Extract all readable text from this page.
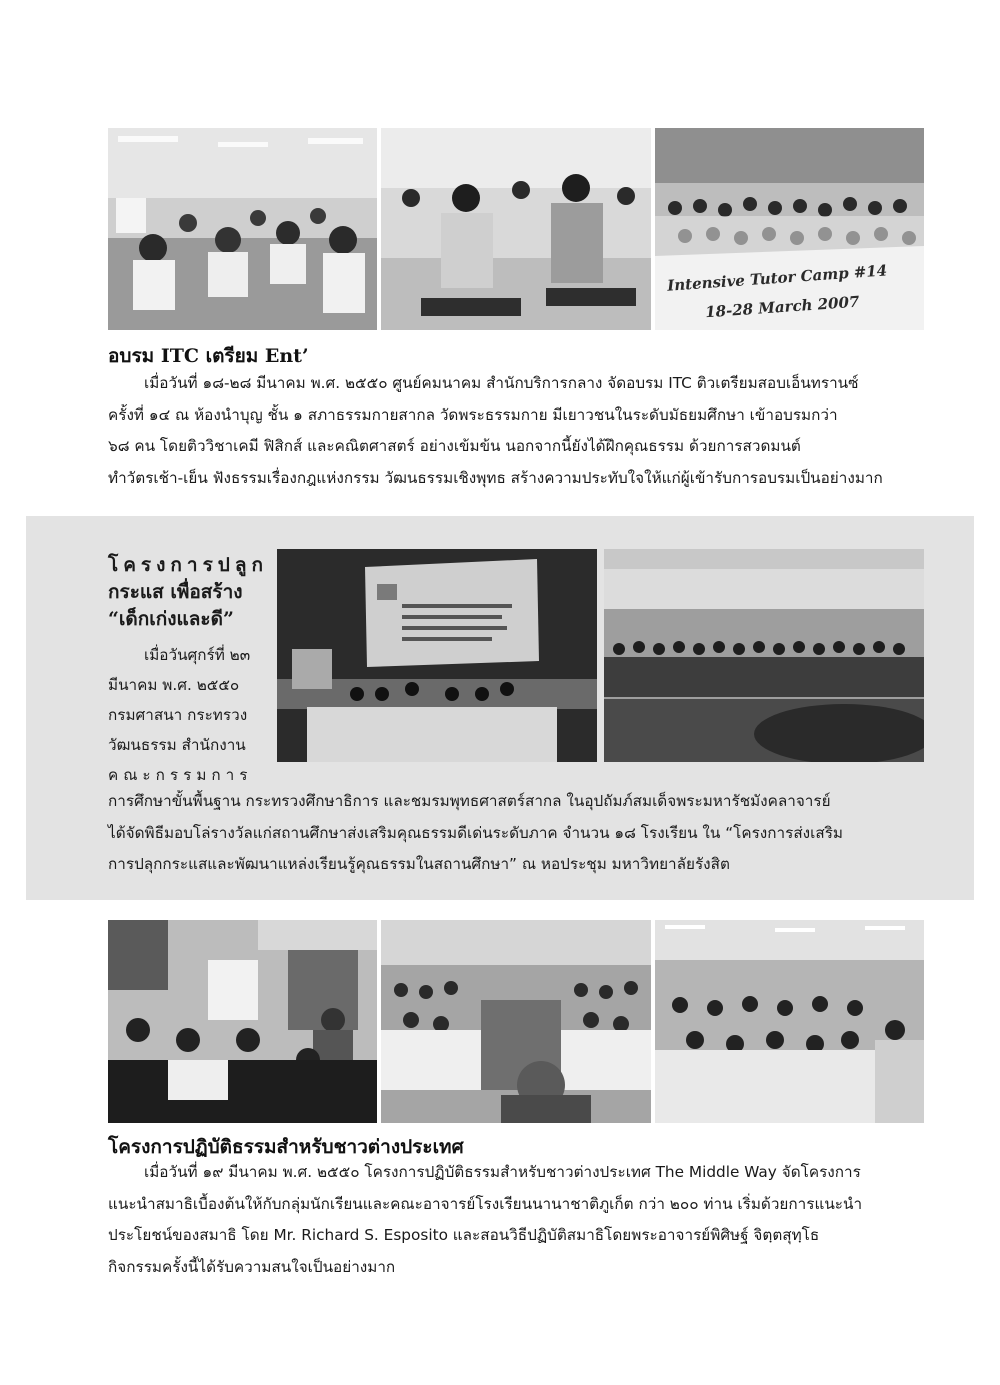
Intensive Tutor Camp #14
18-28 March 2007
อบรม ITC เตรียม Ent’
เมื่อวันที่ ๑๘-๒๘ มีนาคม พ.ศ. ๒๕๕๐ ศูนย์คมนาคม สำนักบริการกลาง จัดอบรม ITC ติวเตรียมสอบเอ็นทรานซ์
ครั้งที่ ๑๔ ณ ห้องนำบุญ ชั้น ๑ สภาธรรมกายสากล วัดพระธรรมกาย มีเยาวชนในระดับมัธยมศึกษา เข้าอบรมกว่า
๖๘ คน โดยติววิชาเคมี ฟิสิกส์ และคณิตศาสตร์ อย่างเข้มข้น นอกจากนี้ยังได้ฝึกคุณธรรม ด้วยการสวดมนต์
ทำวัตรเช้า-เย็น ฟังธรรมเรื่องกฎแห่งกรรม วัฒนธรรมเชิงพุทธ สร้างความประทับใจให้แก่ผู้เข้ารับการอบรมเป็นอย่างมาก
โครงการปลูก
กระแส เพื่อสร้าง
“เด็กเก่งและดี”
เมื่อวันศุกร์ที่ ๒๓
มีนาคม พ.ศ. ๒๕๕๐
กรมศาสนา กระทรวง
วัฒนธรรม สำนักงาน
คณะกรรมการ
การศึกษาขั้นพื้นฐาน กระทรวงศึกษาธิการ และชมรมพุทธศาสตร์สากล ในอุปถัมภ์สมเด็จพระมหารัชมังคลาจารย์
ได้จัดพิธีมอบโล่รางวัลแก่สถานศึกษาส่งเสริมคุณธรรมดีเด่นระดับภาค จำนวน ๑๘ โรงเรียน ใน “โครงการส่งเสริม
การปลุกกระแสและพัฒนาแหล่งเรียนรู้คุณธรรมในสถานศึกษา” ณ หอประชุม มหาวิทยาลัยรังสิต
โครงการปฏิบัติธรรมสำหรับชาวต่างประเทศ
เมื่อวันที่ ๑๙ มีนาคม พ.ศ. ๒๕๕๐ โครงการปฏิบัติธรรมสำหรับชาวต่างประเทศ The Middle Way จัดโครงการ
แนะนำสมาธิเบื้องต้นให้กับกลุ่มนักเรียนและคณะอาจารย์โรงเรียนนานาชาติภูเก็ต กว่า ๒๐๐ ท่าน เริ่มด้วยการแนะนำ
ประโยชน์ของสมาธิ โดย Mr. Richard S. Esposito และสอนวิธีปฏิบัติสมาธิโดยพระอาจารย์พิศิษฐ์ จิตฺตสุทฺโธ
กิจกรรมครั้งนี้ได้รับความสนใจเป็นอย่างมาก
